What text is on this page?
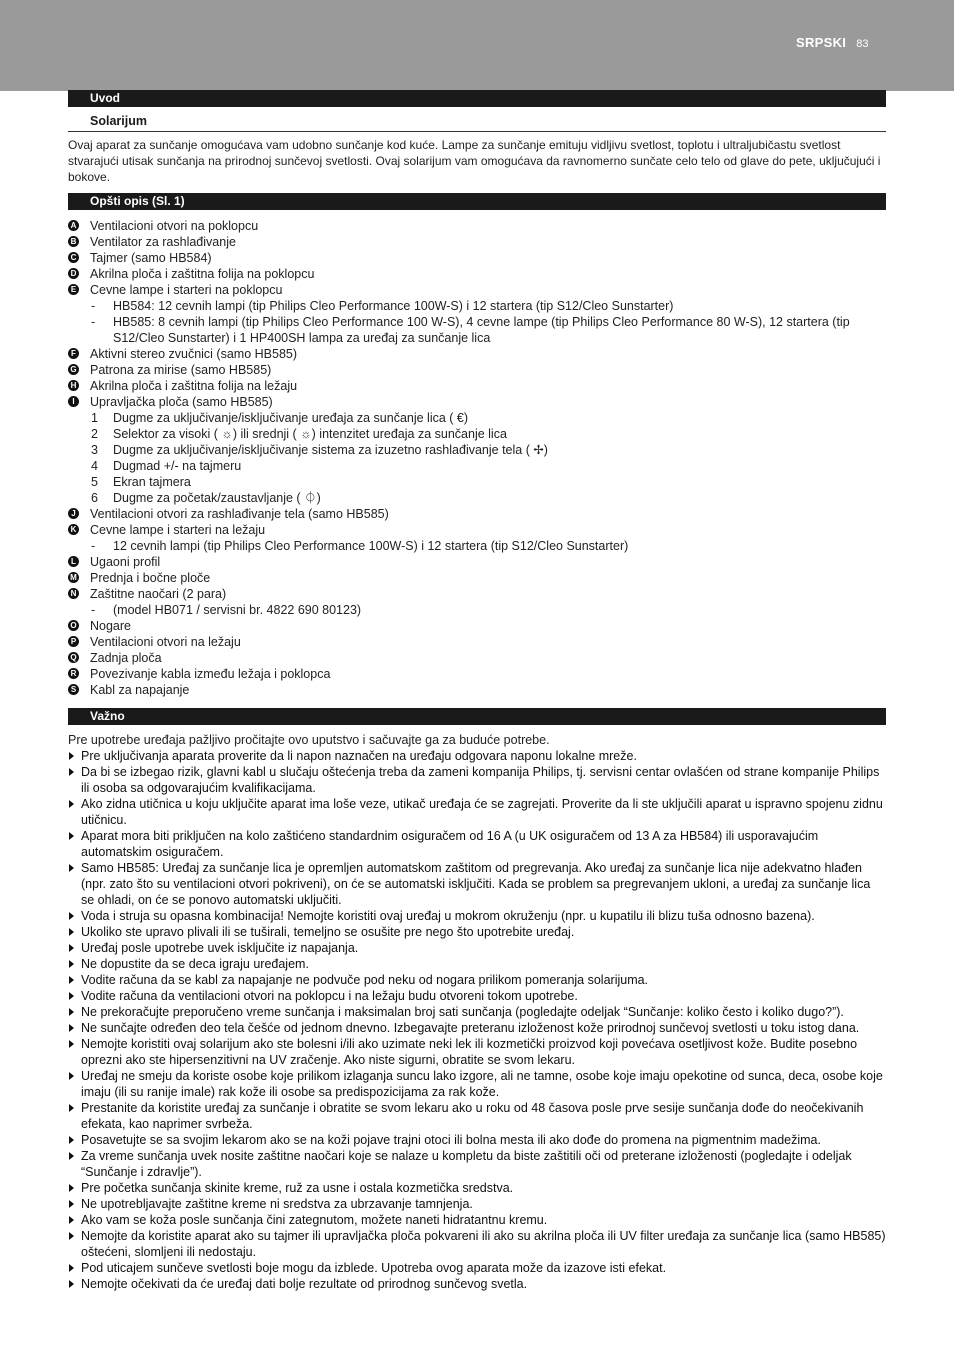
SRPSKI 83
Uvod
Solarijum

Ovaj aparat za sunčanje omogućava vam udobno sunčanje kod kuće. Lampe za sunčanje emituju vidljivu svetlost, toplotu i ultraljubičastu svetlost stvarajući utisak sunčanja na prirodnoj sunčevoj svetlosti. Ovaj solarijum vam omogućava da ravnomerno sunčate celo telo od glave do pete, uključujući i bokove.

Opšti opis (Sl. 1)
A Ventilacioni otvori na poklopcu
B Ventilator za rashlađivanje
C Tajmer (samo HB584)
D Akrilna ploča i zaštitna folija na poklopcu
E Cevne lampe i starteri na poklopcu
- HB584: 12 cevnih lampi (tip Philips Cleo Performance 100W-S) i 12 startera (tip S12/Cleo Sunstarter)
- HB585: 8 cevnih lampi (tip Philips Cleo Performance 100 W-S), 4 cevne lampe (tip Philips Cleo Performance 80 W-S), 12 startera (tip S12/Cleo Sunstarter) i 1 HP400SH lampa za uređaj za sunčanje lica
F Aktivni stereo zvučnici (samo HB585)
G Patrona za mirise (samo HB585)
H Akrilna ploča i zaštitna folija na ležaju
I	Upravljačka ploča (samo HB585)
1 Dugme za uključivanje/isključivanje uređaja za sunčanje lica ( €)
2 Selektor za visoki ( ☼) ili srednji ( ☼) intenzitet uređaja za sunčanje lica
3 Dugme za uključivanje/isključivanje sistema za izuzetno rashlađivanje tela ( ✢)
4 Dugmad +/- na tajmeru
5 Ekran tajmera
6 Dugme za početak/zaustavljanje ( ⏀)
J Ventilacioni otvori za rashlađivanje tela (samo HB585)
K Cevne lampe i starteri na ležaju
- 12 cevnih lampi (tip Philips Cleo Performance 100W-S) i 12 startera (tip S12/Cleo Sunstarter)
L Ugaoni profil
M Prednja i bočne ploče
N Zaštitne naočari (2 para)
- (model HB071 / servisni br. 4822 690 80123)
O Nogare
P Ventilacioni otvori na ležaju
Q Zadnja ploča
R Povezivanje kabla između ležaja i poklopca
S Kabl za napajanje
Važno
Pre upotrebe uređaja pažljivo pročitajte ovo uputstvo i sačuvajte ga za buduće potrebe.
Pre uključivanja aparata proverite da li napon naznačen na uređaju odgovara naponu lokalne mreže.
Da bi se izbegao rizik, glavni kabl u slučaju oštećenja treba da zameni kompanija Philips, tj. servisni centar ovlašćen od strane kompanije Philips ili osoba sa odgovarajućim kvalifikacijama.
Ako zidna utičnica u koju uključite aparat ima loše veze, utikač uređaja će se zagrejati. Proverite da li ste uključili aparat u ispravno spojenu zidnu utičnicu.
Aparat mora biti priključen na kolo zaštićeno standardnim osiguračem od 16 A (u UK osiguračem od 13 A za HB584) ili usporavajućim automatskim osiguračem.
Samo HB585: Uređaj za sunčanje lica je opremljen automatskom zaštitom od pregrevanja. Ako uređaj za sunčanje lica nije adekvatno hlađen (npr. zato što su ventilacioni otvori pokriveni), on će se automatski isključiti. Kada se problem sa pregrevanjem ukloni, a uređaj za sunčanje lica se ohladi, on će se ponovo automatski uključiti.
Voda i struja su opasna kombinacija! Nemojte koristiti ovaj uređaj u mokrom okruženju (npr. u kupatilu ili blizu tuša odnosno bazena).
Ukoliko ste upravo plivali ili se tuširali, temeljno se osušite pre nego što upotrebite uređaj.
Uređaj posle upotrebe uvek isključite iz napajanja.
Ne dopustite da se deca igraju uređajem.
Vodite računa da se kabl za napajanje ne podvuče pod neku od nogara prilikom pomeranja solarijuma.
Vodite računa da ventilacioni otvori na poklopcu i na ležaju budu otvoreni tokom upotrebe.
Ne prekoračujte preporučeno vreme sunčanja i maksimalan broj sati sunčanja (pogledajte odeljak “Sunčanje: koliko često i koliko dugo?”).
Ne sunčajte određen deo tela češće od jednom dnevno. Izbegavajte preteranu izloženost kože prirodnoj sunčevoj svetlosti u toku istog dana.
Nemojte koristiti ovaj solarijum ako ste bolesni i/ili ako uzimate neki lek ili kozmetički proizvod koji povećava osetljivost kože. Budite posebno oprezni ako ste hipersenzitivni na UV zračenje. Ako niste sigurni, obratite se svom lekaru.
Uređaj ne smeju da koriste osobe koje prilikom izlaganja suncu lako izgore, ali ne tamne, osobe koje imaju opekotine od sunca, deca, osobe koje imaju (ili su ranije imale) rak kože ili osobe sa predispozicijama za rak kože.
Prestanite da koristite uređaj za sunčanje i obratite se svom lekaru ako u roku od 48 časova posle prve sesije sunčanja dođe do neočekivanih efekata, kao naprimer svrbeža.
Posavetujte se sa svojim lekarom ako se na koži pojave trajni otoci ili bolna mesta ili ako dođe do promena na pigmentnim madežima.
Za vreme sunčanja uvek nosite zaštitne naočari koje se nalaze u kompletu da biste zaštitili oči od preterane izloženosti (pogledajte i odeljak “Sunčanje i zdravlje”).
Pre početka sunčanja skinite kreme, ruž za usne i ostala kozmetička sredstva.
Ne upotrebljavajte zaštitne kreme ni sredstva za ubrzavanje tamnjenja.
Ako vam se koža posle sunčanja čini zategnutom, možete naneti hidratantnu kremu.
Nemojte da koristite aparat ako su tajmer ili upravljačka ploča pokvareni ili ako su akrilna ploča ili UV filter uređaja za sunčanje lica (samo HB585) oštećeni, slomljeni ili nedostaju.
Pod uticajem sunčeve svetlosti boje mogu da izblede. Upotreba ovog aparata može da izazove isti efekat.
Nemojte očekivati da će uređaj dati bolje rezultate od prirodnog sunčevog svetla.
